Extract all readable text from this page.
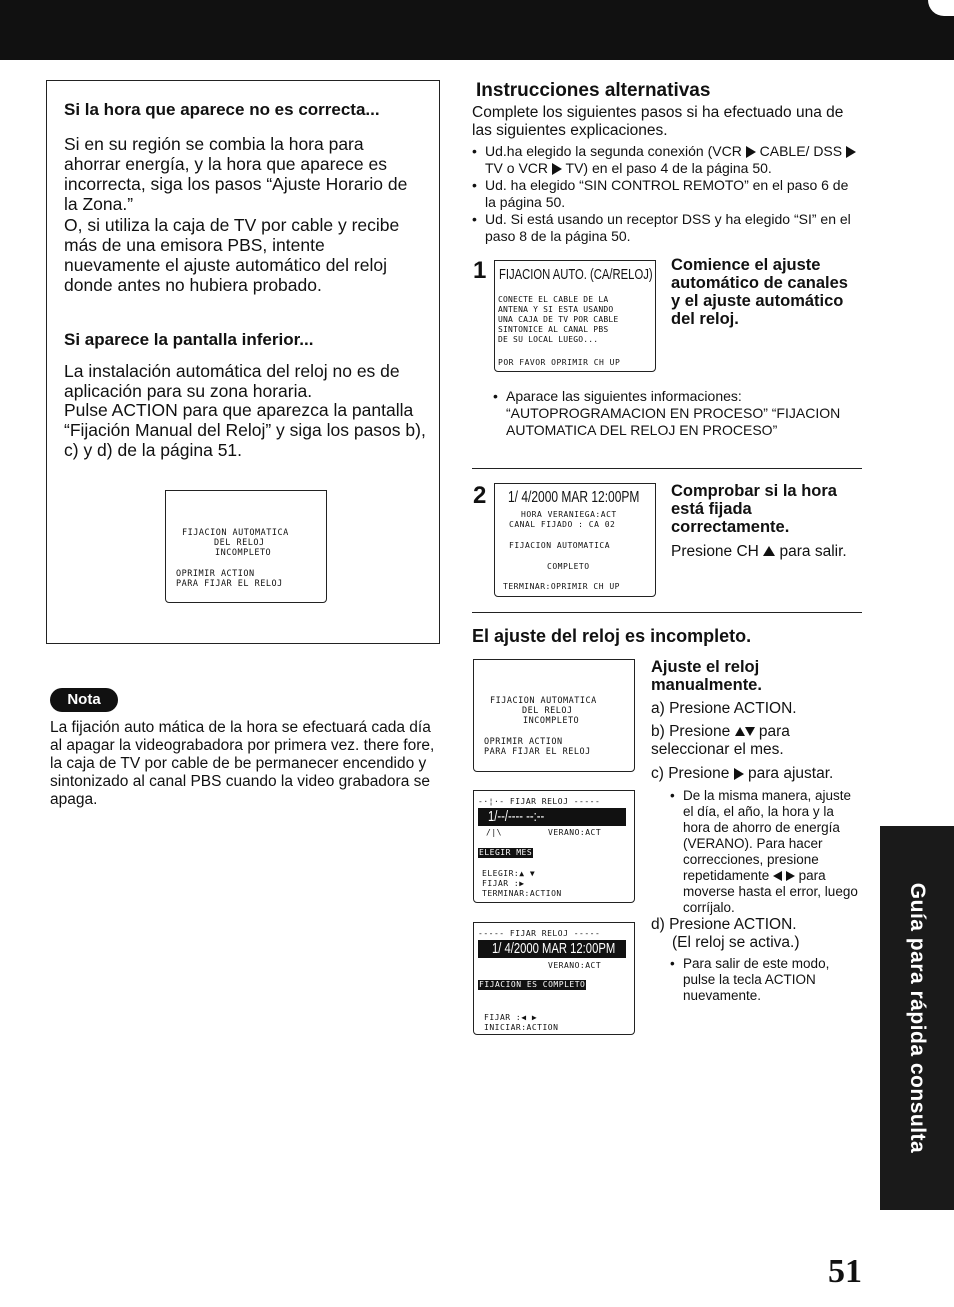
Si la hora que aparece no es correcta...
Si en su región se combia la hora para ahorrar energía, y la hora que aparece es incorrecta, siga los pasos “Ajuste Horario de la Zona.”
O, si utiliza la caja de TV por cable y recibe más de una emisora PBS, intente nuevamente el ajuste automático del reloj donde antes no hubiera probado.
Si aparece la pantalla inferior...
La instalación automática del reloj no es de aplicación para su zona horaria.
Pulse ACTION para que aparezca la pantalla “Fijación Manual del Reloj” y siga los pasos b), c) y d) de la página 51.
FIJACION AUTOMATICA
DEL RELOJ
INCOMPLETO
OPRIMIR ACTION
PARA FIJAR EL RELOJ
Nota
La fijación auto mática de la hora se efectuará cada día al apagar la videograbadora por primera vez. there fore, la caja de TV por cable de be permanecer encendido y sintonizado al canal PBS cuando la video grabadora se apaga.
Instrucciones alternativas
Complete los siguientes pasos si ha efectuado una de las siguientes explicaciones.
• Ud.ha elegido la segunda conexión (VCR CABLE/ DSS  TV o VCR TV) en el paso 4 de la página 50.
• Ud. ha elegido “SIN CONTROL REMOTO” en el paso 6 de la página 50.
• Ud. Si está usando un receptor DSS y ha elegido “SI” en el paso 8 de la página 50.
1 FIJACION AUTO. (CA/RELOJ)
CONECTE EL CABLE DE LA
ANTENA Y SI ESTA USANDO
UNA CAJA DE TV POR CABLE
SINTONICE AL CANAL PBS
DE SU LOCAL LUEGO...
POR FAVOR OPRIMIR CH UP
Comience el ajuste automático de canales y el ajuste automático del reloj.
• Aparace las siguientes informaciones:
“AUTOPROGRAMACION EN PROCESO” “FIJACION AUTOMATICA DEL RELOJ EN PROCESO”
2 1/ 4/2000 MAR 12:00PM
HORA VERANIEGA:ACT
CANAL FIJADO : CA 02
FIJACION AUTOMATICA
COMPLETO
TERMINAR:OPRIMIR CH UP
Comprobar si la hora está fijada correctamente.
Presione CH para salir.
El ajuste del reloj es incompleto.
FIJACION AUTOMATICA
DEL RELOJ
INCOMPLETO
OPRIMIR ACTION
PARA FIJAR EL RELOJ
-·¦·- FIJAR RELOJ -----
1/--/---- --:--
/|\	VERANO:ACT
ELEGIR MES
ELEGIR:▲ ▼
FIJAR :▶
TERMINAR:ACTION
----- FIJAR RELOJ -----
1/ 4/2000 MAR 12:00PM
VERANO:ACT
FIJACION ES COMPLETO
FIJAR :◀ ▶
INICIAR:ACTION
Ajuste el reloj manualmente.
a) Presione ACTION.
b) Presione para seleccionar el mes.
c) Presione para ajustar.
• De la misma manera, ajuste el día, el año, la hora y la hora de ahorro de energía (VERANO). Para hacer correcciones, presione repetidamente para moverse hasta el error, luego corríjalo.
d) Presione ACTION.
(El reloj se activa.)
• Para salir de este modo, pulse la tecla ACTION nuevamente.	Guía para rápida consulta
51
